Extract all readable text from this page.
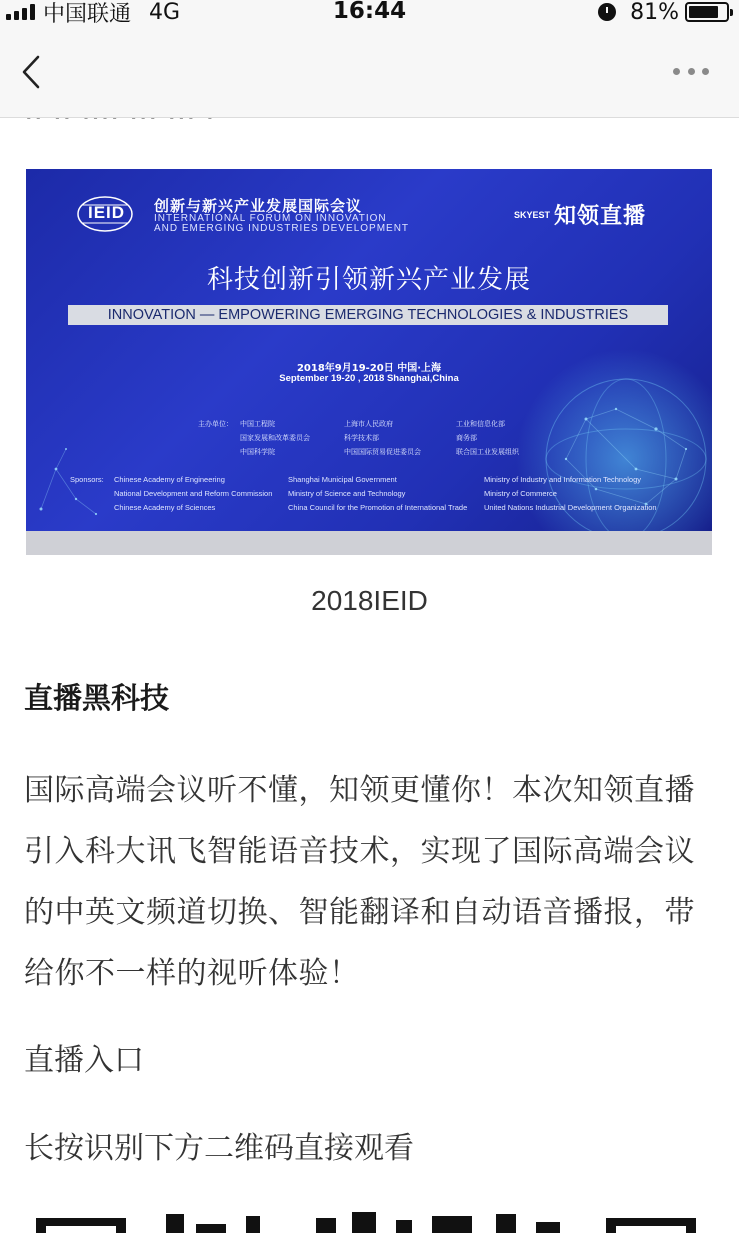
中国联通 4G	16:44	81%
IEID 创新与新兴产业发展国际会议
INTERNATIONAL FORUM ON INNOVATION
AND EMERGING INDUSTRIES DEVELOPMENT
SKYEST 知领直播
科技创新引领新兴产业发展
INNOVATION — EMPOWERING EMERGING TECHNOLOGIES & INDUSTRIES
2018年9月19-20日 中国·上海
September 19-20 , 2018 Shanghai,China
主办单位： 中国工程院
国家发展和改革委员会
中国科学院
上海市人民政府
科学技术部
中国国际贸易促进委员会
工业和信息化部
商务部
联合国工业发展组织
Sponsors: Chinese Academy of Engineering
National Development and Reform Commission
Chinese Academy of Sciences
Shanghai Municipal Government
Ministry of Science and Technology
China Council for the Promotion of International Trade
Ministry of Industry and Information Technology
Ministry of Commerce
United Nations Industrial Development Organization
2018IEID
直播黑科技
国际高端会议听不懂，知领更懂你！本次知领直播引入科大讯飞智能语音技术，实现了国际高端会议的中英文频道切换、智能翻译和自动语音播报，带给你不一样的视听体验！
直播入口
长按识别下方二维码直接观看
